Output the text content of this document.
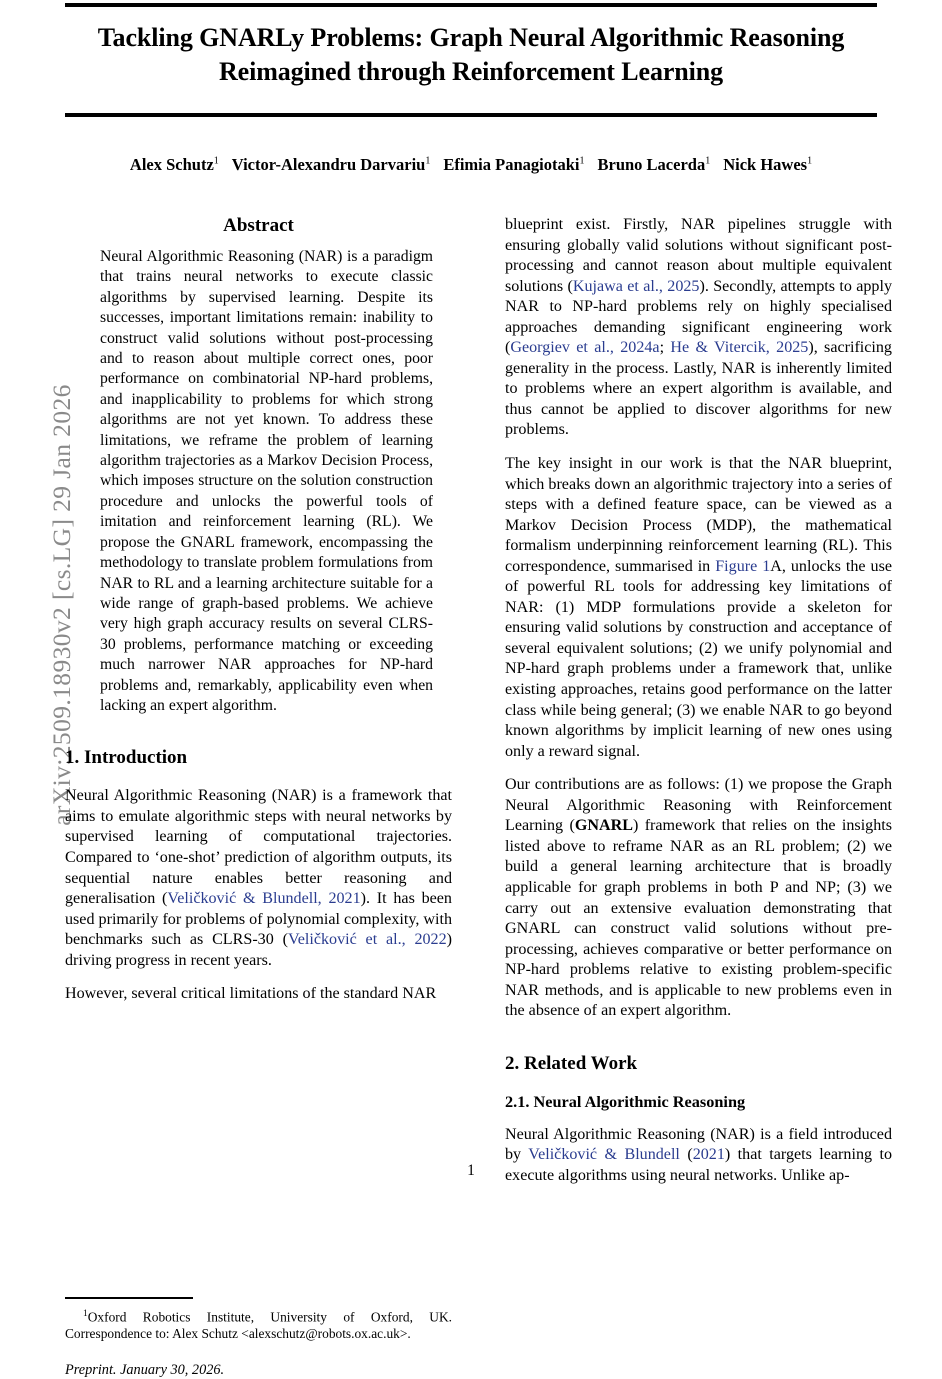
arXiv:2509.18930v2 [cs.LG] 29 Jan 2026
Tackling GNARLy Problems: Graph Neural Algorithmic Reasoning Reimagined through Reinforcement Learning
Alex Schutz$^1$ Victor-Alexandru Darvariu$^1$ Efimia Panagiotaki$^1$ Bruno Lacerda$^1$ Nick Hawes$^1$
Abstract
Neural Algorithmic Reasoning (NAR) is a paradigm that trains neural networks to execute classic algorithms by supervised learning. Despite its successes, important limitations remain: inability to construct valid solutions without post-processing and to reason about multiple correct ones, poor performance on combinatorial NP-hard problems, and inapplicability to problems for which strong algorithms are not yet known. To address these limitations, we reframe the problem of learning algorithm trajectories as a Markov Decision Process, which imposes structure on the solution construction procedure and unlocks the powerful tools of imitation and reinforcement learning (RL). We propose the GNARL framework, encompassing the methodology to translate problem formulations from NAR to RL and a learning architecture suitable for a wide range of graph-based problems. We achieve very high graph accuracy results on several CLRS-30 problems, performance matching or exceeding much narrower NAR approaches for NP-hard problems and, remarkably, applicability even when lacking an expert algorithm.
1. Introduction

Neural Algorithmic Reasoning (NAR) is a framework that aims to emulate algorithmic steps with neural networks by supervised learning of computational trajectories. Compared to ‘one-shot’ prediction of algorithm outputs, its sequential nature enables better reasoning and generalisation (Veličković & Blundell, 2021). It has been used primarily for problems of polynomial complexity, with benchmarks such as CLRS-30 (Veličković et al., 2022) driving progress in recent years.

However, several critical limitations of the standard NAR

$^1$Oxford Robotics Institute, University of Oxford, UK. Correspondence to: Alex Schutz <alexschutz@robots.ox.ac.uk>.

Preprint. January 30, 2026.

blueprint exist. Firstly, NAR pipelines struggle with ensuring globally valid solutions without significant post-processing and cannot reason about multiple equivalent solutions (Kujawa et al., 2025). Secondly, attempts to apply NAR to NP-hard problems rely on highly specialised approaches demanding significant engineering work (Georgiev et al., 2024a; He & Vitercik, 2025), sacrificing generality in the process. Lastly, NAR is inherently limited to problems where an expert algorithm is available, and thus cannot be applied to discover algorithms for new problems.

The key insight in our work is that the NAR blueprint, which breaks down an algorithmic trajectory into a series of steps with a defined feature space, can be viewed as a Markov Decision Process (MDP), the mathematical formalism underpinning reinforcement learning (RL). This correspondence, summarised in Figure 1A, unlocks the use of powerful RL tools for addressing key limitations of NAR: (1) MDP formulations provide a skeleton for ensuring valid solutions by construction and acceptance of several equivalent solutions; (2) we unify polynomial and NP-hard graph problems under a framework that, unlike existing approaches, retains good performance on the latter class while being general; (3) we enable NAR to go beyond known algorithms by implicit learning of new ones using only a reward signal.

Our contributions are as follows: (1) we propose the Graph Neural Algorithmic Reasoning with Reinforcement Learning (GNARL) framework that relies on the insights listed above to reframe NAR as an RL problem; (2) we build a general learning architecture that is broadly applicable for graph problems in both P and NP; (3) we carry out an extensive evaluation demonstrating that GNARL can construct valid solutions without pre-processing, achieves comparative or better performance on NP-hard problems relative to existing problem-specific NAR methods, and is applicable to new problems even in the absence of an expert algorithm.

2. Related Work
2.1. Neural Algorithmic Reasoning

Neural Algorithmic Reasoning (NAR) is a field introduced by Veličković & Blundell (2021) that targets learning to execute algorithms using neural networks. Unlike ap-

1
